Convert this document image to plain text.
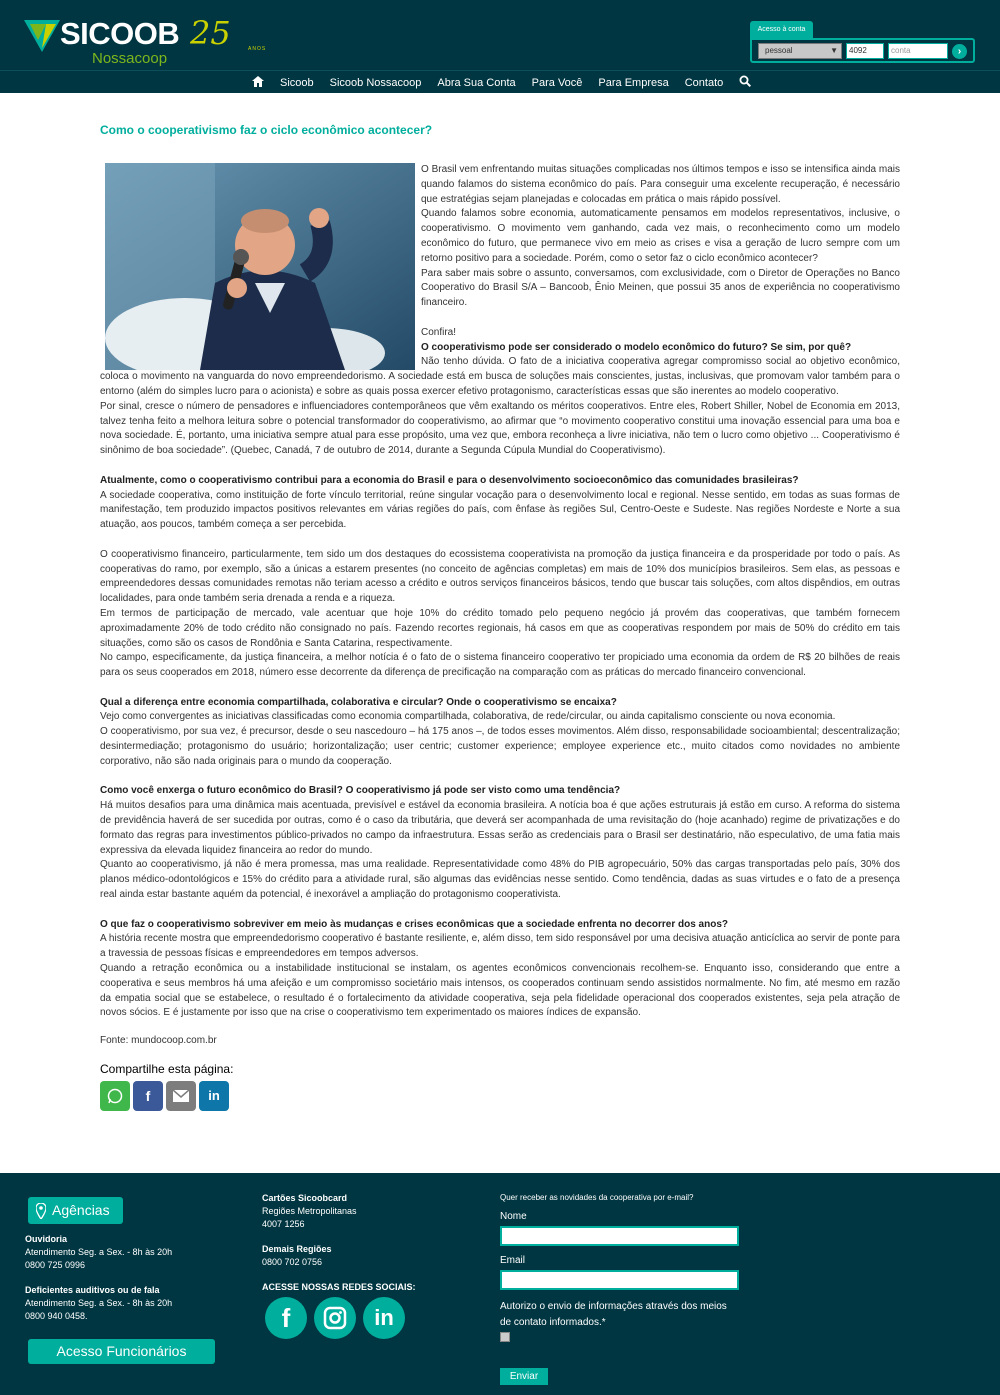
SICOOB
Nossacoop
25	ANOS
Acesso à conta
pessoal	▼	4092	conta	›
Sicoob Sicoob Nossacoop Abra Sua Conta Para Você Para Empresa Contato
Como o cooperativismo faz o ciclo econômico acontecer?
O Brasil vem enfrentando muitas situações complicadas nos últimos tempos e isso se intensifica ainda mais quando falamos do sistema econômico do país. Para conseguir uma excelente recuperação, é necessário que estratégias sejam planejadas e colocadas em prática o mais rápido possível.
Quando falamos sobre economia, automaticamente pensamos em modelos representativos, inclusive, o cooperativismo. O movimento vem ganhando, cada vez mais, o reconhecimento como um modelo econômico do futuro, que permanece vivo em meio as crises e visa a geração de lucro sempre com um retorno positivo para a sociedade. Porém, como o setor faz o ciclo econômico acontecer?
Para saber mais sobre o assunto, conversamos, com exclusividade, com o Diretor de Operações no Banco Cooperativo do Brasil S/A – Bancoob, Ênio Meinen, que possui 35 anos de experiência no cooperativismo financeiro.
Confira!
O cooperativismo pode ser considerado o modelo econômico do futuro? Se sim, por quê?
Não tenho dúvida. O fato de a iniciativa cooperativa agregar compromisso social ao objetivo econômico, coloca o movimento na vanguarda do novo empreendedorismo. A sociedade está em busca de soluções mais conscientes, justas, inclusivas, que promovam valor também para o entorno (além do simples lucro para o acionista) e sobre as quais possa exercer efetivo protagonismo, características essas que são inerentes ao modelo cooperativo.
Por sinal, cresce o número de pensadores e influenciadores contemporâneos que vêm exaltando os méritos cooperativos. Entre eles, Robert Shiller, Nobel de Economia em 2013, talvez tenha feito a melhora leitura sobre o potencial transformador do cooperativismo, ao afirmar que “o movimento cooperativo constitui uma inovação essencial para uma boa e nova sociedade. É, portanto, uma iniciativa sempre atual para esse propósito, uma vez que, embora reconheça a livre iniciativa, não tem o lucro como objetivo ... Cooperativismo é sinônimo de boa sociedade”. (Quebec, Canadá, 7 de outubro de 2014, durante a Segunda Cúpula Mundial do Cooperativismo).
Atualmente, como o cooperativismo contribui para a economia do Brasil e para o desenvolvimento socioeconômico das comunidades brasileiras?
A sociedade cooperativa, como instituição de forte vínculo territorial, reúne singular vocação para o desenvolvimento local e regional. Nesse sentido, em todas as suas formas de manifestação, tem produzido impactos positivos relevantes em várias regiões do país, com ênfase às regiões Sul, Centro-Oeste e Sudeste. Nas regiões Nordeste e Norte a sua atuação, aos poucos, também começa a ser percebida.
O cooperativismo financeiro, particularmente, tem sido um dos destaques do ecossistema cooperativista na promoção da justiça financeira e da prosperidade por todo o país. As cooperativas do ramo, por exemplo, são a únicas a estarem presentes (no conceito de agências completas) em mais de 10% dos municípios brasileiros. Sem elas, as pessoas e empreendedores dessas comunidades remotas não teriam acesso a crédito e outros serviços financeiros básicos, tendo que buscar tais soluções, com altos dispêndios, em outras localidades, para onde também seria drenada a renda e a riqueza.
Em termos de participação de mercado, vale acentuar que hoje 10% do crédito tomado pelo pequeno negócio já provém das cooperativas, que também fornecem aproximadamente 20% de todo crédito não consignado no país. Fazendo recortes regionais, há casos em que as cooperativas respondem por mais de 50% do crédito em tais situações, como são os casos de Rondônia e Santa Catarina, respectivamente.
No campo, especificamente, da justiça financeira, a melhor notícia é o fato de o sistema financeiro cooperativo ter propiciado uma economia da ordem de R$ 20 bilhões de reais para os seus cooperados em 2018, número esse decorrente da diferença de precificação na comparação com as práticas do mercado financeiro convencional.
Qual a diferença entre economia compartilhada, colaborativa e circular? Onde o cooperativismo se encaixa?
Vejo como convergentes as iniciativas classificadas como economia compartilhada, colaborativa, de rede/circular, ou ainda capitalismo consciente ou nova economia.
O cooperativismo, por sua vez, é precursor, desde o seu nascedouro – há 175 anos –, de todos esses movimentos. Além disso, responsabilidade socioambiental; descentralização; desintermediação; protagonismo do usuário; horizontalização; user centric; customer experience; employee experience etc., muito citados como novidades no ambiente corporativo, não são nada originais para o mundo da cooperação.
Como você enxerga o futuro econômico do Brasil? O cooperativismo já pode ser visto como uma tendência?
Há muitos desafios para uma dinâmica mais acentuada, previsível e estável da economia brasileira. A notícia boa é que ações estruturais já estão em curso. A reforma do sistema de previdência haverá de ser sucedida por outras, como é o caso da tributária, que deverá ser acompanhada de uma revisitação do (hoje acanhado) regime de privatizações e do formato das regras para investimentos público-privados no campo da infraestrutura. Essas serão as credenciais para o Brasil ser destinatário, não especulativo, de uma fatia mais expressiva da elevada liquidez financeira ao redor do mundo.
Quanto ao cooperativismo, já não é mera promessa, mas uma realidade. Representatividade como 48% do PIB agropecuário, 50% das cargas transportadas pelo país, 30% dos planos médico-odontológicos e 15% do crédito para a atividade rural, são algumas das evidências nesse sentido. Como tendência, dadas as suas virtudes e o fato de a presença real ainda estar bastante aquém da potencial, é inexorável a ampliação do protagonismo cooperativista.
O que faz o cooperativismo sobreviver em meio às mudanças e crises econômicas que a sociedade enfrenta no decorrer dos anos?
A história recente mostra que empreendedorismo cooperativo é bastante resiliente, e, além disso, tem sido responsável por uma decisiva atuação anticíclica ao servir de ponte para a travessia de pessoas físicas e empreendedores em tempos adversos.
Quando a retração econômica ou a instabilidade institucional se instalam, os agentes econômicos convencionais recolhem-se. Enquanto isso, considerando que entre a cooperativa e seus membros há uma afeição e um compromisso societário mais intensos, os cooperados continuam sendo assistidos normalmente. No fim, até mesmo em razão da empatia social que se estabelece, o resultado é o fortalecimento da atividade cooperativa, seja pela fidelidade operacional dos cooperados existentes, seja pela atração de novos sócios. E é justamente por isso que na crise o cooperativismo tem experimentado os maiores índices de expansão.
Fonte: mundocoop.com.br
Compartilhe esta página:
f	in
Agências
Ouvidoria
Atendimento Seg. a Sex. - 8h às 20h
0800 725 0996
Deficientes auditivos ou de fala
Atendimento Seg. a Sex. - 8h às 20h
0800 940 0458.
Acesso Funcionários
Cartões Sicoobcard
Regiões Metropolitanas
4007 1256
Demais Regiões
0800 702 0756
ACESSE NOSSAS REDES SOCIAIS:
f	in
Quer receber as novidades da cooperativa por e-mail?
Nome
Email
Autorizo o envio de informações através dos meios de contato informados.*
Enviar
